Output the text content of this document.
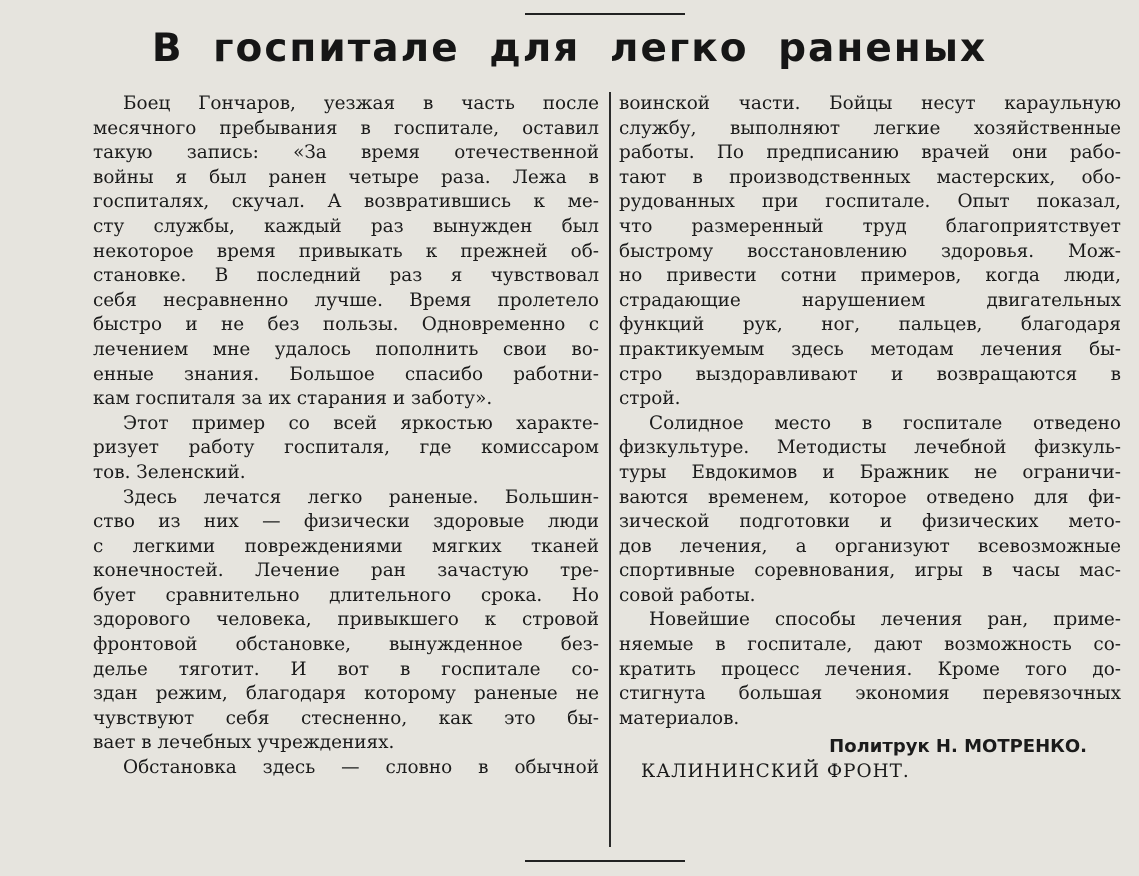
В госпитале для легко раненых
Боец Гончаров, уезжая в часть после
месячного пребывания в госпитале, оставил
такую запись: «За время отечественной
войны я был ранен четыре раза. Лежа в
госпиталях, скучал. А возвратившись к ме-
сту службы, каждый раз вынужден был
некоторое время привыкать к прежней об-
становке. В последний раз я чувствовал
себя несравненно лучше. Время пролетело
быстро и не без пользы. Одновременно с
лечением мне удалось пополнить свои во-
енные знания. Большое спасибо работни-
кам госпиталя за их старания и заботу».
Этот пример со всей яркостью характе-
ризует работу госпиталя, где комиссаром
тов. Зеленский.
Здесь лечатся легко раненые. Большин-
ство из них — физически здоровые люди
с легкими повреждениями мягких тканей
конечностей. Лечение ран зачастую тре-
бует сравнительно длительного срока. Но
здорового человека, привыкшего к стровой
фронтовой обстановке, вынужденное без-
делье тяготит. И вот в госпитале со-
здан режим, благодаря которому раненые не
чувствуют себя стесненно, как это бы-
вает в лечебных учреждениях.
Обстановка здесь — словно в обычной
воинской части. Бойцы несут караульную
службу, выполняют легкие хозяйственные
работы. По предписанию врачей они рабо-
тают в производственных мастерских, обо-
рудованных при госпитале. Опыт показал,
что размеренный труд благоприятствует
быстрому восстановлению здоровья. Мож-
но привести сотни примеров, когда люди,
страдающие нарушением двигательных
функций рук, ног, пальцев, благодаря
практикуемым здесь методам лечения бы-
стро выздоравливают и возвращаются в
строй.
Солидное место в госпитале отведено
физкультуре. Методисты лечебной физкуль-
туры Евдокимов и Бражник не ограничи-
ваются временем, которое отведено для фи-
зической подготовки и физических мето-
дов лечения, а организуют всевозможные
спортивные соревнования, игры в часы мас-
совой работы.
Новейшие способы лечения ран, приме-
няемые в госпитале, дают возможность со-
кратить процесс лечения. Кроме того до-
стигнута большая экономия перевязочных
материалов.
Политрук Н. МОТРЕНКО.
КАЛИНИНСКИЙ ФРОНТ.
